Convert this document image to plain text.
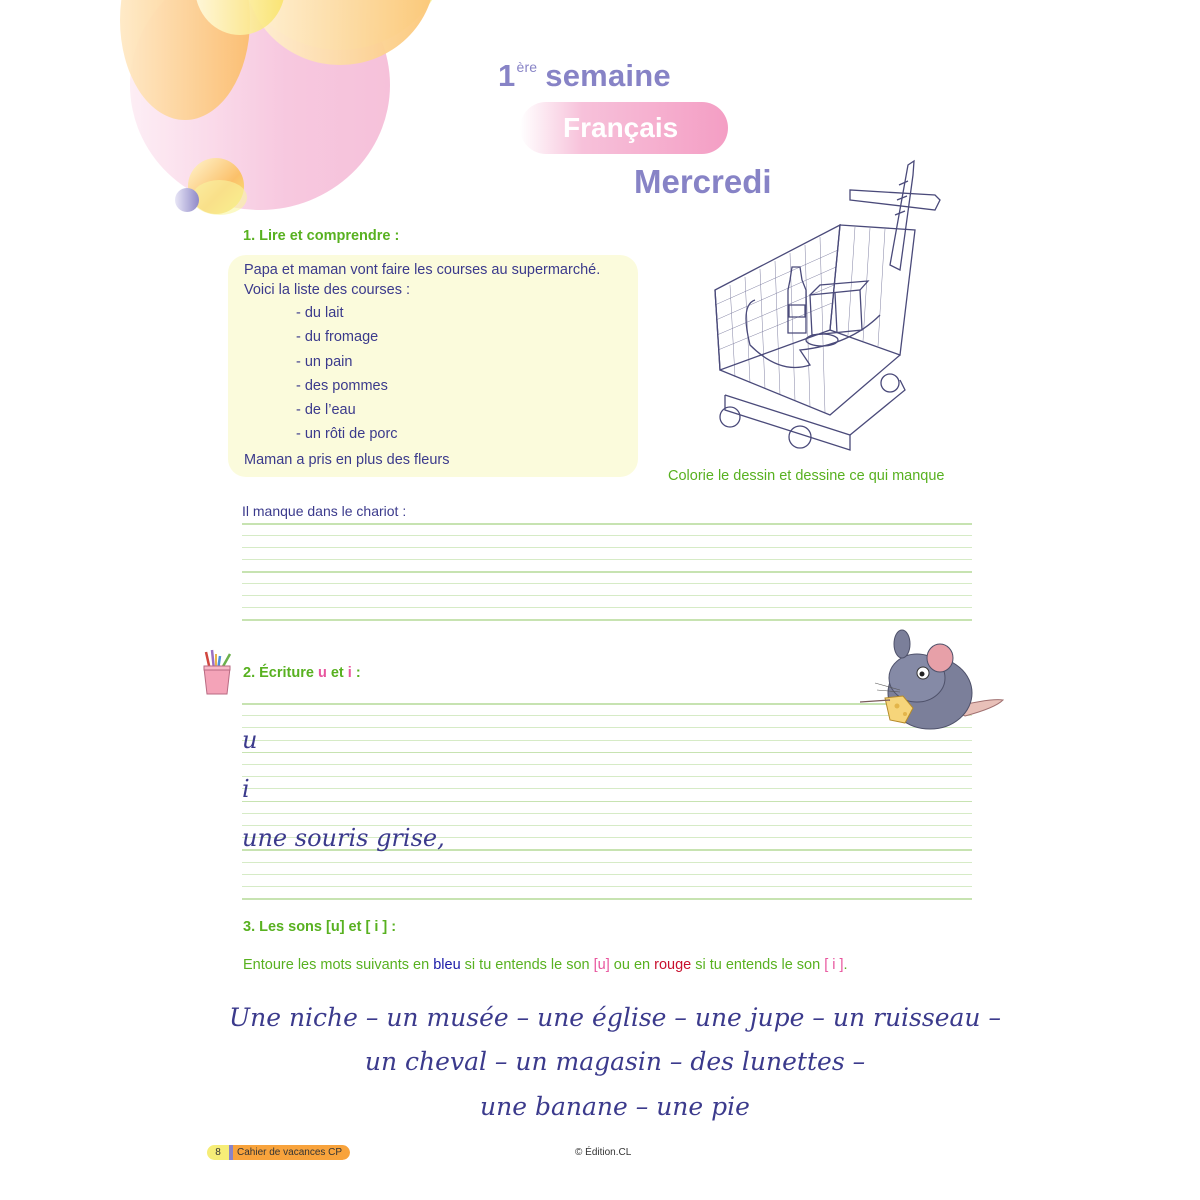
1ère semaine
Français
Mercredi
1. Lire et comprendre :
Papa et maman vont faire les courses au supermarché.
Voici la liste des courses :
- du lait
- du fromage
- un pain
- des pommes
- de l’eau
- un rôti de porc
Maman a pris en plus des fleurs
Colorie le dessin et dessine ce qui manque
Il manque dans le chariot :
2. Écriture u et i :
u
i
une souris grise,
3. Les sons [u] et [ i ] :
Entoure les mots suivants en bleu si tu entends le son [u] ou en rouge si tu entends le son [ i ].
Une niche – un musée – une église – une jupe – un ruisseau –
un cheval – un magasin – des lunettes –
une banane – une pie
8	Cahier de vacances CP	© Édition.CL
